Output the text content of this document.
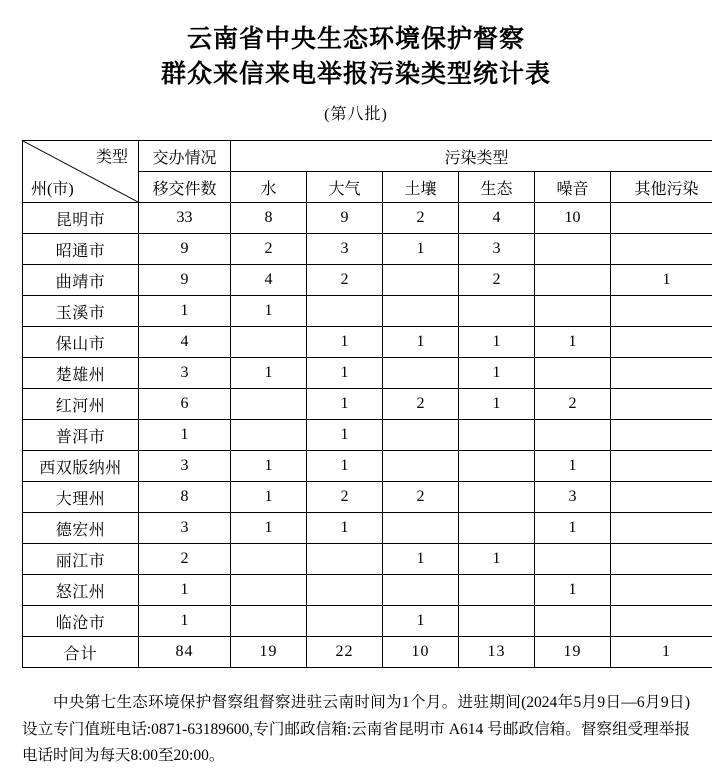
云南省中央生态环境保护督察
群众来信来电举报污染类型统计表
(第八批)
类型
州(市)	交办情况	污染类型					
	移交件数	水	大气	土壤	生态	噪音	其他污染
昆明市	33	8	9	2	4	10	
昭通市	9	2	3	1	3		
曲靖市	9	4	2		2		1
玉溪市	1	1					
保山市	4		1	1	1	1	
楚雄州	3	1	1		1		
红河州	6		1	2	1	2	
普洱市	1		1				
西双版纳州	3	1	1			1	
大理州	8	1	2	2		3	
德宏州	3	1	1			1	
丽江市	2			1	1		
怒江州	1					1	
临沧市	1			1			
合计	84	19	22	10	13	19	1

中央第七生态环境保护督察组督察进驻云南时间为1个月。进驻期间(2024年5月9日—6月9日)设立专门值班电话:0871-63189600,专门邮政信箱:云南省昆明市 A614 号邮政信箱。督察组受理举报电话时间为每天8:00至20:00。
